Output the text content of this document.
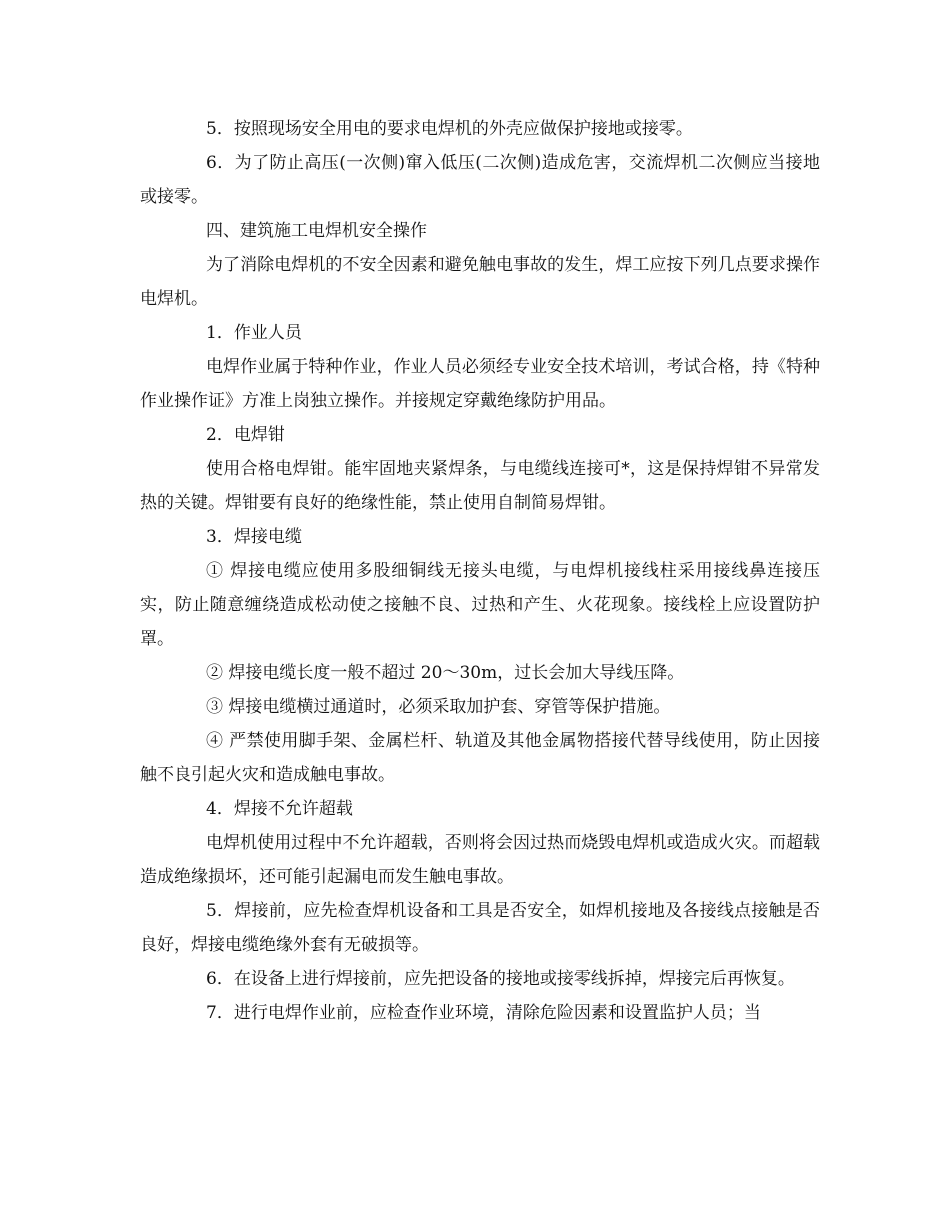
5．按照现场安全用电的要求电焊机的外壳应做保护接地或接零。

6．为了防止高压(一次侧)窜入低压(二次侧)造成危害，交流焊机二次侧应当接地或接零。

四、建筑施工电焊机安全操作

为了消除电焊机的不安全因素和避免触电事故的发生，焊工应按下列几点要求操作电焊机。

1．作业人员

电焊作业属于特种作业，作业人员必须经专业安全技术培训，考试合格，持《特种作业操作证》方准上岗独立操作。并接规定穿戴绝缘防护用品。

2．电焊钳

使用合格电焊钳。能牢固地夹紧焊条，与电缆线连接可*，这是保持焊钳不异常发热的关键。焊钳要有良好的绝缘性能，禁止使用自制简易焊钳。

3．焊接电缆

① 焊接电缆应使用多股细铜线无接头电缆，与电焊机接线柱采用接线鼻连接压实，防止随意缠绕造成松动使之接触不良、过热和产生、火花现象。接线栓上应设置防护罩。

② 焊接电缆长度一般不超过 20～30m，过长会加大导线压降。

③ 焊接电缆横过通道时，必须采取加护套、穿管等保护措施。

④ 严禁使用脚手架、金属栏杆、轨道及其他金属物搭接代替导线使用，防止因接触不良引起火灾和造成触电事故。

4．焊接不允许超载

电焊机使用过程中不允许超载，否则将会因过热而烧毁电焊机或造成火灾。而超载造成绝缘损坏，还可能引起漏电而发生触电事故。

5．焊接前，应先检查焊机设备和工具是否安全，如焊机接地及各接线点接触是否良好，焊接电缆绝缘外套有无破损等。

6．在设备上进行焊接前，应先把设备的接地或接零线拆掉，焊接完后再恢复。

7．进行电焊作业前，应检查作业环境，清除危险因素和设置监护人员；当
